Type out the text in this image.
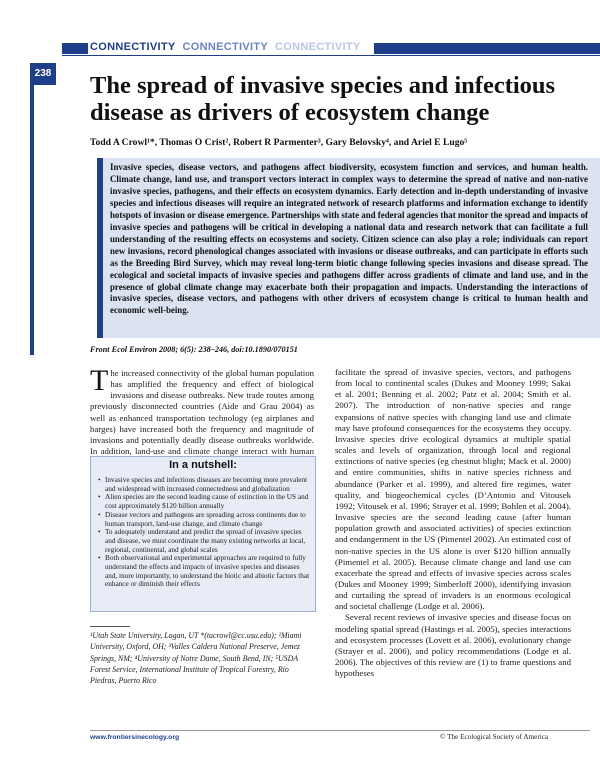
CONNECTIVITY CONNECTIVITY CONNECTIVITY
238 The spread of invasive species and infectious
disease as drivers of ecosystem change
Todd A Crowl¹*, Thomas O Crist², Robert R Parmenter³, Gary Belovsky⁴, and Ariel E Lugo⁵
Invasive species, disease vectors, and pathogens affect biodiversity, ecosystem function and services, and human health. Climate change, land use, and transport vectors interact in complex ways to determine the spread of native and non-native invasive species, pathogens, and their effects on ecosystem dynamics. Early detection and in-depth understanding of invasive species and infectious diseases will require an integrated network of research platforms and information exchange to identify hotspots of invasion or disease emergence. Partnerships with state and federal agencies that monitor the spread and impacts of invasive species and pathogens will be critical in developing a national data and research network that can facilitate a full understanding of the resulting effects on ecosystems and society. Citizen science can also play a role; individuals can report new invasions, record phenological changes associated with invasions or disease outbreaks, and can participate in efforts such as the Breeding Bird Survey, which may reveal long-term biotic change following species invasions and disease spread. The ecological and societal impacts of invasive species and pathogens differ across gradients of climate and land use, and in the presence of global climate change may exacerbate both their propagation and impacts. Understanding the interactions of invasive species, disease vectors, and pathogens with other drivers of ecosystem change is critical to human health and economic well-being.
Front Ecol Environ 2008; 6(5): 238–246, doi:10.1890/070151
The increased connectivity of the global human population has amplified the frequency and effect of biological invasions and disease outbreaks. New trade routes among previously disconnected countries (Aide and Grau 2004) as well as enhanced transportation technology (eg airplanes and barges) have increased both the frequency and magnitude of invasions and potentially deadly disease outbreaks worldwide. In addition, land-use and climate change interact with human
In a nutshell:
• Invasive species and infectious diseases are becoming more prevalent and widespread with increased connectedness and globalization
• Alien species are the second leading cause of extinction in the US and cost approximately $120 billion annually
• Disease vectors and pathogens are spreading across continents due to human transport, land-use change, and climate change
• To adequately understand and predict the spread of invasive species and disease, we must coordinate the many existing networks at local, regional, continental, and global scales
• Both observational and experimental approaches are required to fully understand the effects and impacts of invasive species and diseases and, more importantly, to understand the biotic and abiotic factors that enhance or diminish their effects
¹Utah State University, Logan, UT *(tacrowl@cc.usu.edu); ²Miami University, Oxford, OH; ³Valles Caldera National Preserve, Jemez Springs, NM; ⁴University of Notre Dame, South Bend, IN; ⁵USDA Forest Service, International Institute of Tropical Forestry, Rio Piedras, Puerto Rico
facilitate the spread of invasive species, vectors, and pathogens from local to continental scales (Dukes and Mooney 1999; Sakai et al. 2001; Benning et al. 2002; Patz et al. 2004; Smith et al. 2007). The introduction of non-native species and range expansions of native species with changing land use and climate may have profound consequences for the ecosystems they occupy. Invasive species drive ecological dynamics at multiple spatial scales and levels of organization, through local and regional extinctions of native species (eg chestnut blight; Mack et al. 2000) and entire communities, shifts in native species richness and abundance (Parker et al. 1999), and altered fire regimes, water quality, and biogeochemical cycles (D’Antonio and Vitousek 1992; Vitousek et al. 1996; Strayer et al. 1999; Bohlen et al. 2004). Invasive species are the second leading cause (after human population growth and associated activities) of species extinction and endangerment in the US (Pimentel 2002). An estimated cost of non-native species in the US alone is over $120 billion annually (Pimentel et al. 2005). Because climate change and land use can exacerbate the spread and effects of invasive species across scales (Dukes and Mooney 1999; Simberloff 2000), identifying invasion and curtailing the spread of invaders is an enormous ecological and societal challenge (Lodge et al. 2006).
Several recent reviews of invasive species and disease focus on modeling spatial spread (Hastings et al. 2005), species interactions and ecosystem processes (Lovett et al. 2006), evolutionary change (Strayer et al. 2006), and policy recommendations (Lodge et al. 2006). The objectives of this review are (1) to frame questions and hypotheses
www.frontiersinecology.org	© The Ecological Society of America
